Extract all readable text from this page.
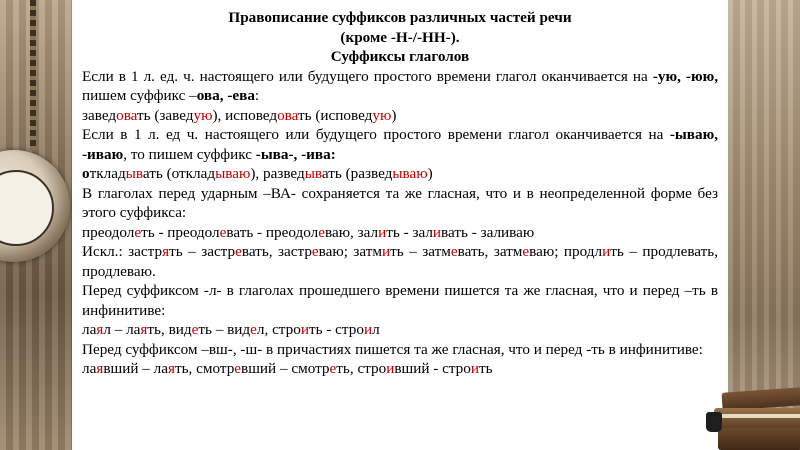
Правописание суффиксов различных частей речи
(кроме -Н-/-НН-).
Суффиксы глаголов

Если в 1 л. ед. ч. настоящего или будущего простого времени глагол оканчивается на -ую, -юю, пишем суффикс –ова, -ева:

заведовать (заведую), исповедовать (исповедую)

Если в 1 л. ед ч. настоящего или будущего простого времени глагол оканчивается на -ываю, -иваю, то пишем суффикс -ыва-, -ива:

откладывать (откладываю), разведывать (разведываю)

В глаголах перед ударным –ВА- сохраняется та же гласная, что и в неопределенной форме без этого суффикса:

преодолеть - преодолевать - преодолеваю, залить - заливать - заливаю

Искл.: застрять – застревать, застреваю; затмить – затмевать, затмеваю; продлить – продлевать, продлеваю.

Перед суффиксом -л- в глаголах прошедшего времени пишется та же гласная, что и перед –ть в инфинитиве:

лаял – лаять, видеть – видел, строить - строил

Перед суффиксом –вш-, -ш- в причастиях пишется та же гласная, что и перед -ть в инфинитиве:

лаявший – лаять, смотревший – смотреть, строивший - строить
